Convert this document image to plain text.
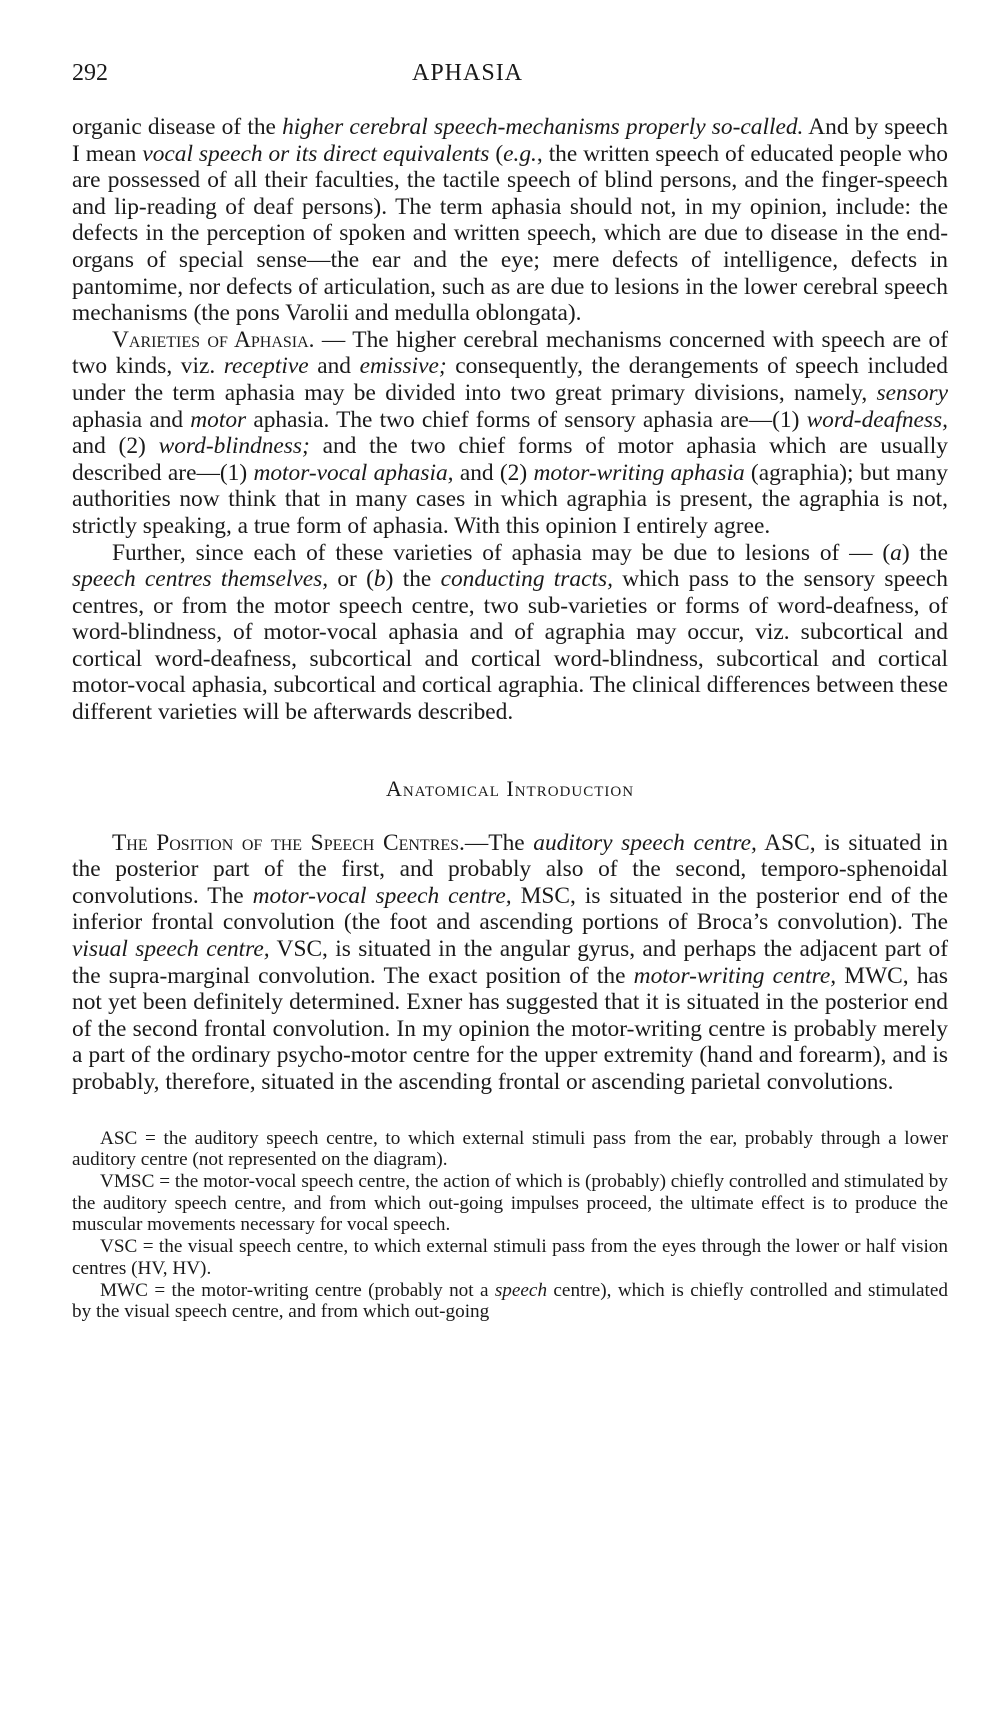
292	APHASIA

organic disease of the higher cerebral speech-mechanisms properly so-called. And by speech I mean vocal speech or its direct equivalents (e.g., the written speech of educated people who are possessed of all their faculties, the tactile speech of blind persons, and the finger-speech and lip-reading of deaf persons). The term aphasia should not, in my opinion, include: the defects in the perception of spoken and written speech, which are due to disease in the end-organs of special sense—the ear and the eye; mere defects of intelligence, defects in pantomime, nor defects of articulation, such as are due to lesions in the lower cerebral speech mechanisms (the pons Varolii and medulla oblongata).

Varieties of Aphasia. — The higher cerebral mechanisms concerned with speech are of two kinds, viz. receptive and emissive; consequently, the derangements of speech included under the term aphasia may be divided into two great primary divisions, namely, sensory aphasia and motor aphasia. The two chief forms of sensory aphasia are—(1) word-deafness, and (2) word-blindness; and the two chief forms of motor aphasia which are usually described are—(1) motor-vocal aphasia, and (2) motor-writing aphasia (agraphia); but many authorities now think that in many cases in which agraphia is present, the agraphia is not, strictly speaking, a true form of aphasia. With this opinion I entirely agree.

Further, since each of these varieties of aphasia may be due to lesions of — (a) the speech centres themselves, or (b) the conducting tracts, which pass to the sensory speech centres, or from the motor speech centre, two sub-varieties or forms of word-deafness, of word-blindness, of motor-vocal aphasia and of agraphia may occur, viz. subcortical and cortical word-deafness, subcortical and cortical word-blindness, subcortical and cortical motor-vocal aphasia, subcortical and cortical agraphia. The clinical differences between these different varieties will be afterwards described.

Anatomical Introduction

The Position of the Speech Centres.—The auditory speech centre, ASC, is situated in the posterior part of the first, and probably also of the second, temporo-sphenoidal convolutions. The motor-vocal speech centre, MSC, is situated in the posterior end of the inferior frontal convolution (the foot and ascending portions of Broca’s convolution). The visual speech centre, VSC, is situated in the angular gyrus, and perhaps the adjacent part of the supra-marginal convolution. The exact position of the motor-writing centre, MWC, has not yet been definitely determined. Exner has suggested that it is situated in the posterior end of the second frontal convolution. In my opinion the motor-writing centre is probably merely a part of the ordinary psycho-motor centre for the upper extremity (hand and forearm), and is probably, therefore, situated in the ascending frontal or ascending parietal convolutions.

ASC = the auditory speech centre, to which external stimuli pass from the ear, probably through a lower auditory centre (not represented on the diagram).

VMSC = the motor-vocal speech centre, the action of which is (probably) chiefly controlled and stimulated by the auditory speech centre, and from which out-going impulses proceed, the ultimate effect is to produce the muscular movements necessary for vocal speech.

VSC = the visual speech centre, to which external stimuli pass from the eyes through the lower or half vision centres (HV, HV).

MWC = the motor-writing centre (probably not a speech centre), which is chiefly controlled and stimulated by the visual speech centre, and from which out-going
